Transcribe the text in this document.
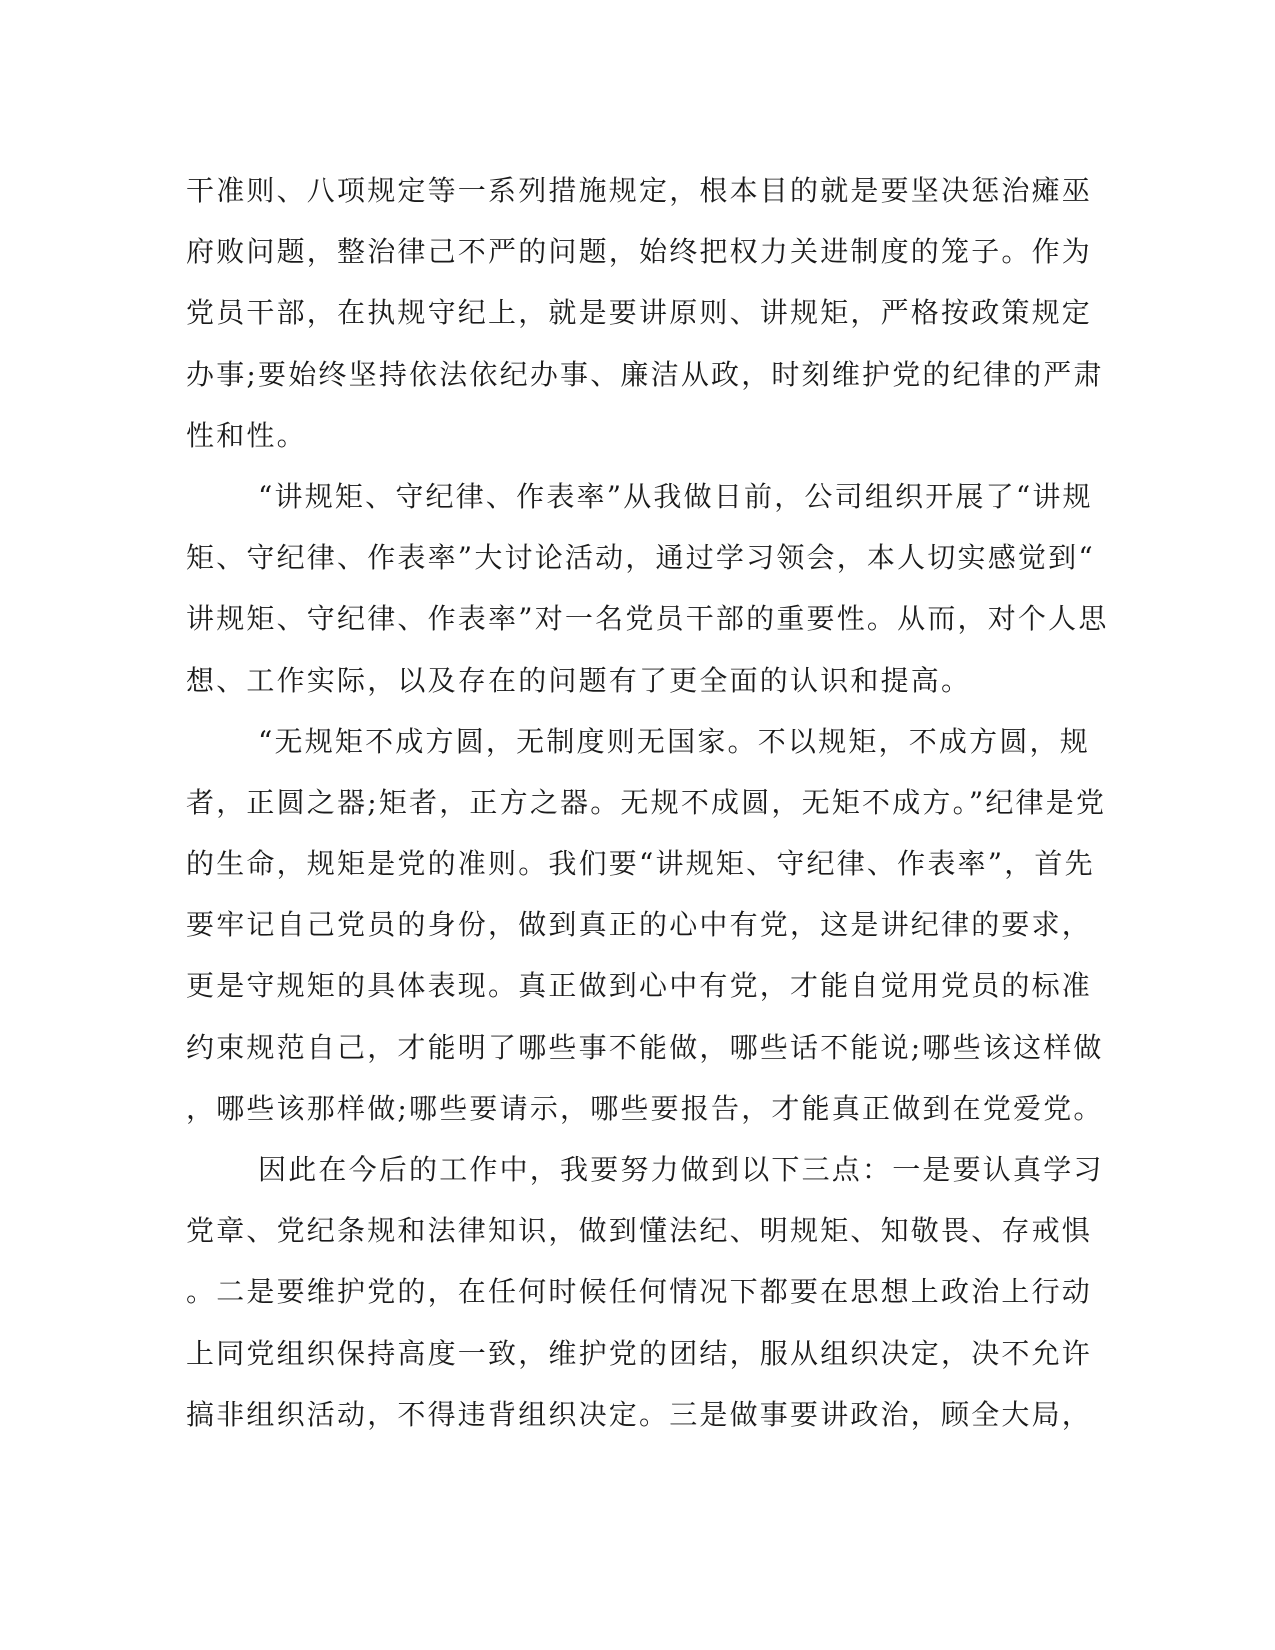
干准则、八项规定等一系列措施规定，根本目的就是要坚决惩治瘫巫
府败问题，整治律己不严的问题，始终把权力关进制度的笼子。作为
党员干部，在执规守纪上，就是要讲原则、讲规矩，严格按政策规定
办事;要始终坚持依法依纪办事、廉洁从政，时刻维护党的纪律的严肃
性和性。
“讲规矩、守纪律、作表率”从我做日前，公司组织开展了“讲规
矩、守纪律、作表率”大讨论活动，通过学习领会，本人切实感觉到“
讲规矩、守纪律、作表率”对一名党员干部的重要性。从而，对个人思
想、工作实际，以及存在的问题有了更全面的认识和提高。
“无规矩不成方圆，无制度则无国家。不以规矩，不成方圆，规
者，正圆之器;矩者，正方之器。无规不成圆，无矩不成方。”纪律是党
的生命，规矩是党的准则。我们要“讲规矩、守纪律、作表率”，首先
要牢记自己党员的身份，做到真正的心中有党，这是讲纪律的要求，
更是守规矩的具体表现。真正做到心中有党，才能自觉用党员的标准
约束规范自己，才能明了哪些事不能做，哪些话不能说;哪些该这样做
，哪些该那样做;哪些要请示，哪些要报告，才能真正做到在党爱党。
因此在今后的工作中，我要努力做到以下三点：一是要认真学习
党章、党纪条规和法律知识，做到懂法纪、明规矩、知敬畏、存戒惧
。二是要维护党的，在任何时候任何情况下都要在思想上政治上行动
上同党组织保持高度一致，维护党的团结，服从组织决定，决不允许
搞非组织活动，不得违背组织决定。三是做事要讲政治，顾全大局，
